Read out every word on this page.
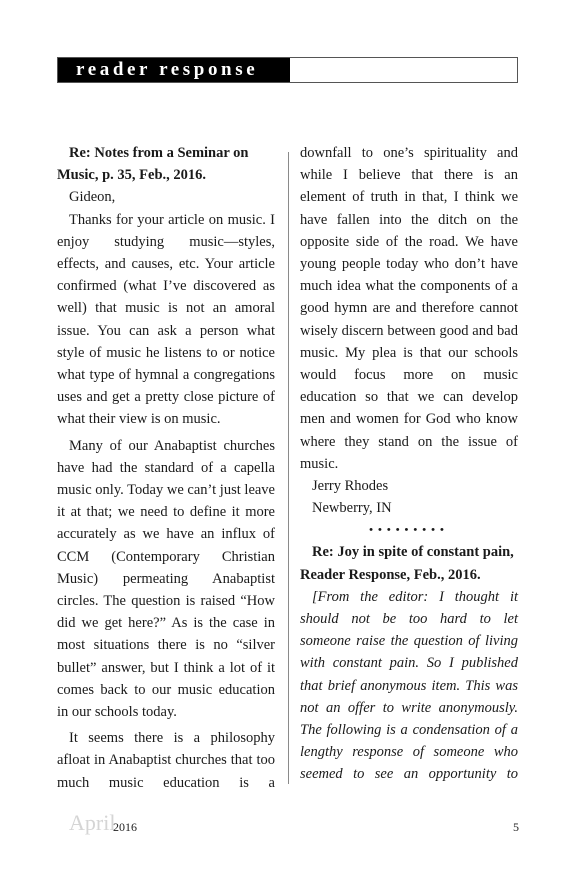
reader response

Re: Notes from a Seminar on
Music, p. 35, Feb., 2016.

Gideon,

Thanks for your article on music. I enjoy studying music—styles, effects, and causes, etc. Your article confirmed (what I’ve discovered as well) that music is not an amoral issue. You can ask a person what style of music he listens to or notice what type of hymnal a congregations uses and get a pretty close picture of what their view is on music.

Many of our Anabaptist churches have had the standard of a capella music only. Today we can’t just leave it at that; we need to define it more accurately as we have an influx of CCM (Contemporary Christian Music) permeating Anabaptist circles. The question is raised “How did we get here?” As is the case in most situations there is no “silver bullet” answer, but I think a lot of it comes back to our music education in our schools today.

It seems there is a philosophy afloat in Anabaptist churches that too much music education is a

downfall to one’s spirituality and while I believe that there is an element of truth in that, I think we have fallen into the ditch on the opposite side of the road. We have young people today who don’t have much idea what the components of a good hymn are and therefore cannot wisely discern between good and bad music. My plea is that our schools would focus more on music education so that we can develop men and women for God who know where they stand on the issue of music.

Jerry Rhodes

Newberry, IN

•••••••••

Re: Joy in spite of constant pain,
Reader Response, Feb., 2016.

[From the editor: I thought it should not be too hard to let someone raise the question of living with constant pain. So I published that brief anonymous item. This was not an offer to write anonymously. The following is a condensation of a lengthy response of someone who seemed to see an opportunity to

April
2016	5
